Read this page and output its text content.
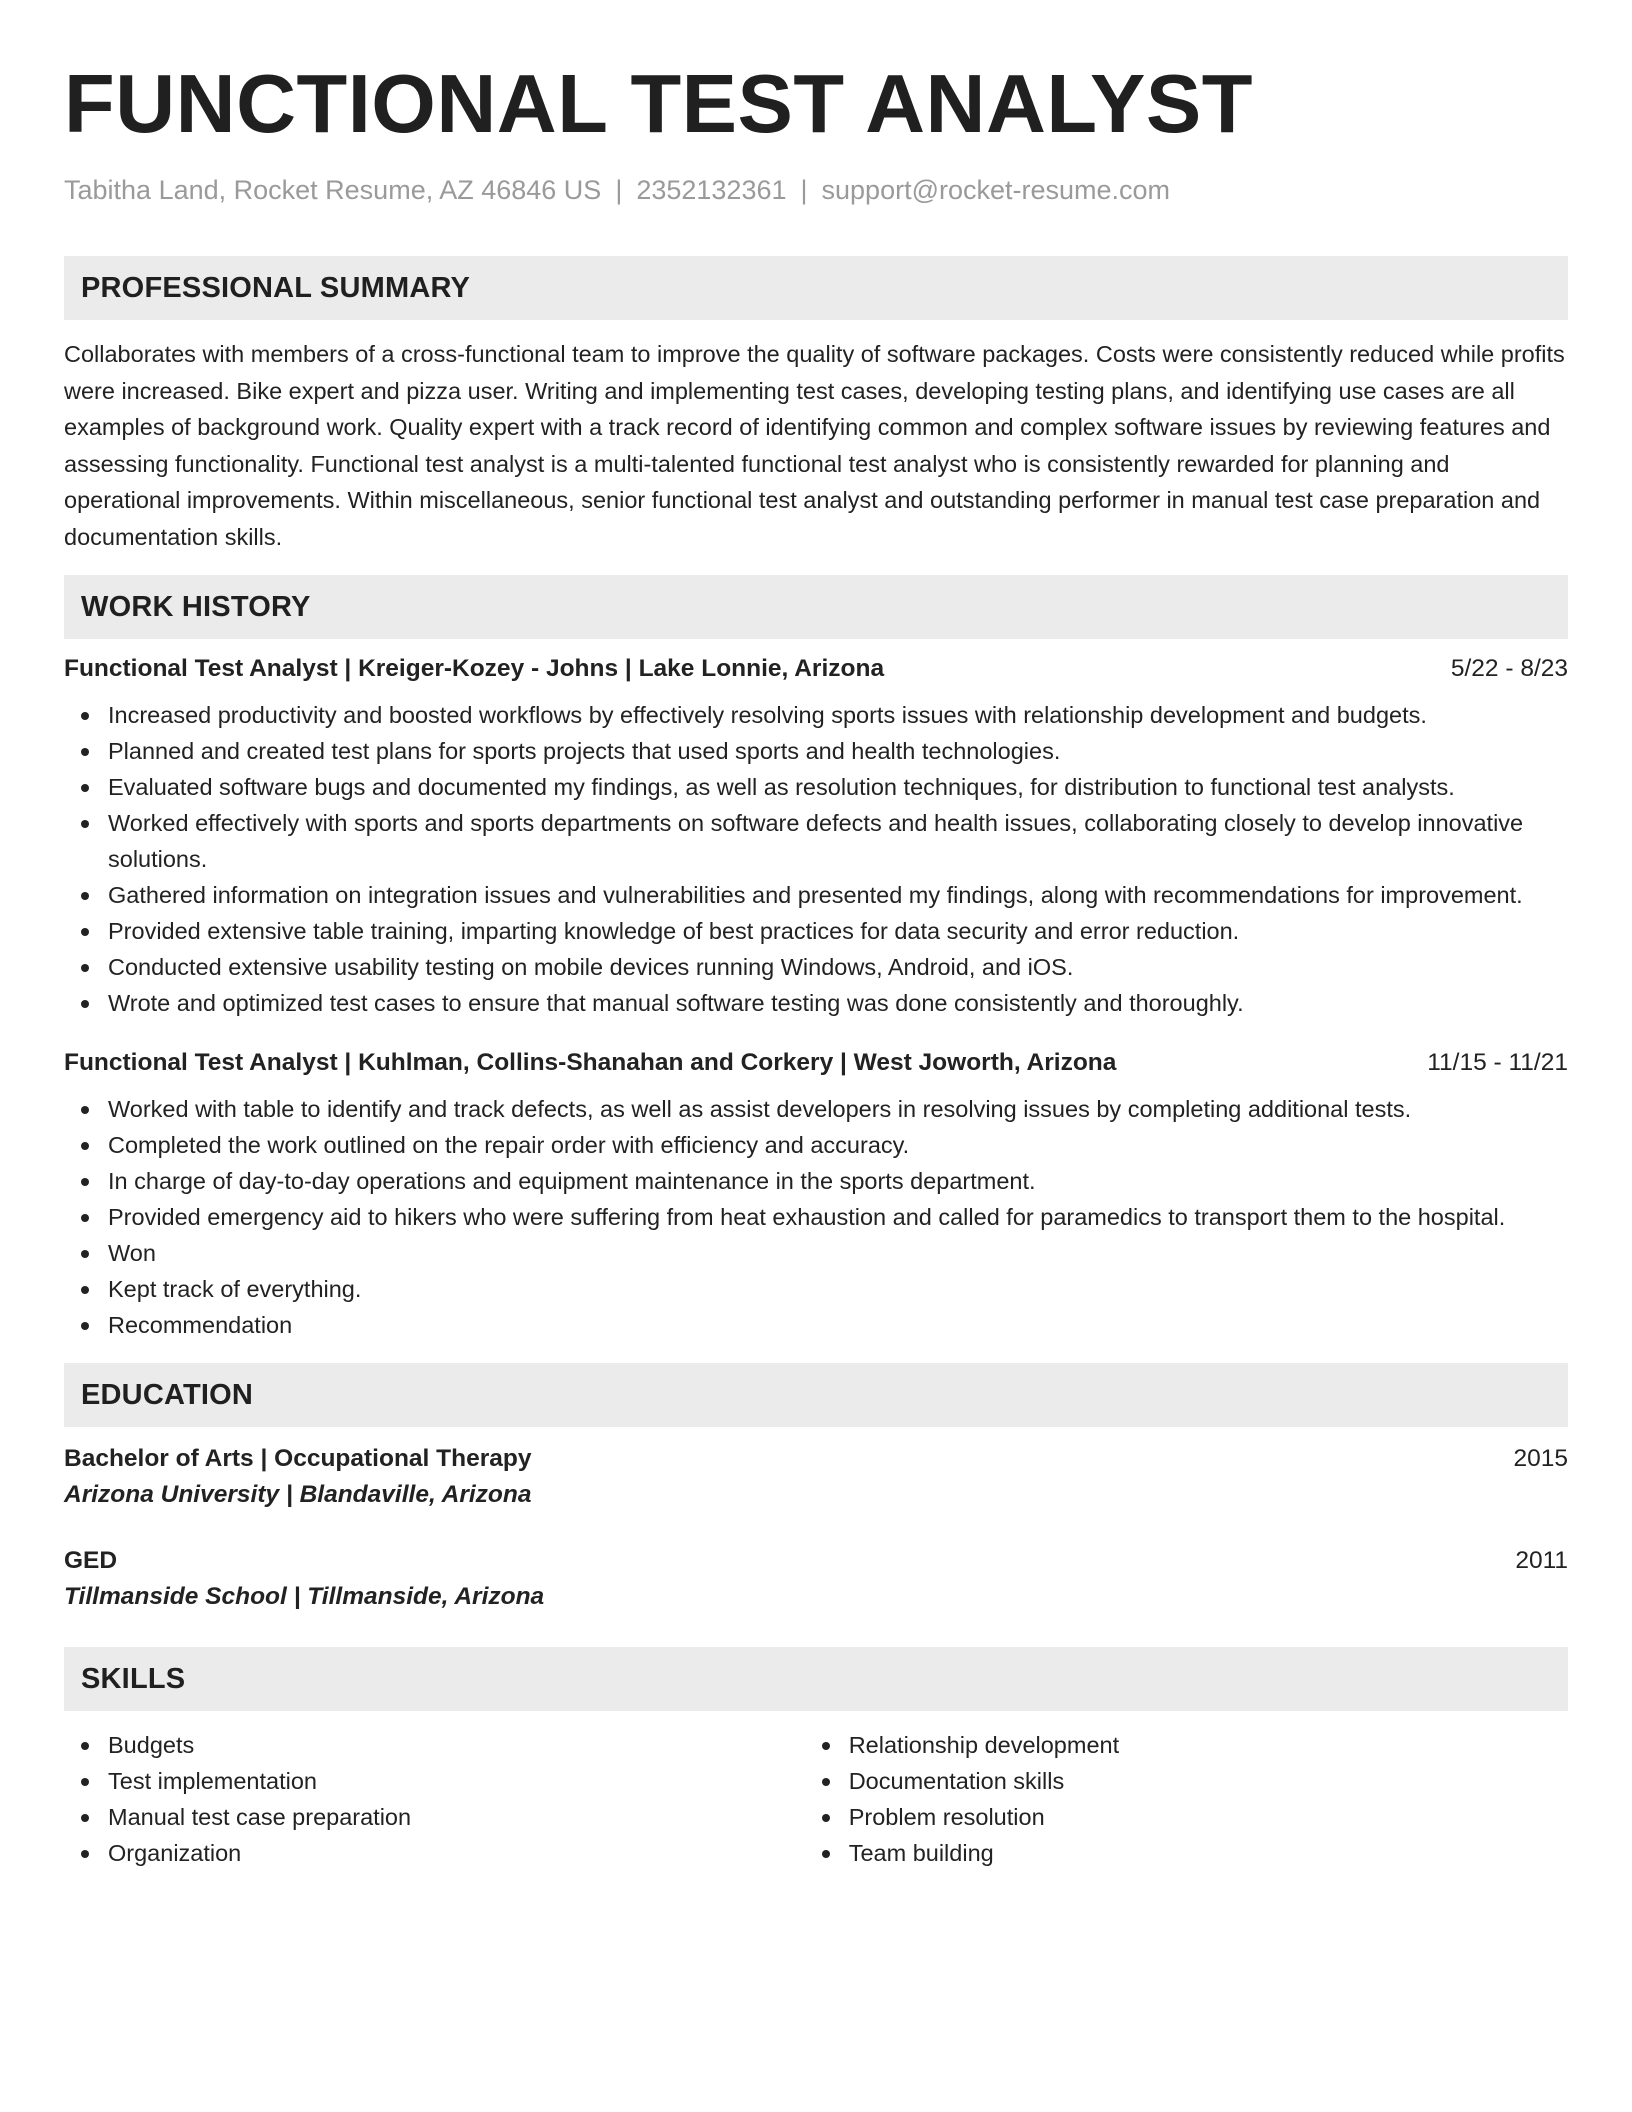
FUNCTIONAL TEST ANALYST
Tabitha Land, Rocket Resume, AZ 46846 US | 2352132361 | support@rocket-resume.com
PROFESSIONAL SUMMARY

Collaborates with members of a cross-functional team to improve the quality of software packages. Costs were consistently reduced while profits were increased. Bike expert and pizza user. Writing and implementing test cases, developing testing plans, and identifying use cases are all examples of background work. Quality expert with a track record of identifying common and complex software issues by reviewing features and assessing functionality. Functional test analyst is a multi-talented functional test analyst who is consistently rewarded for planning and operational improvements. Within miscellaneous, senior functional test analyst and outstanding performer in manual test case preparation and documentation skills.

WORK HISTORY
Functional Test Analyst | Kreiger-Kozey - Johns | Lake Lonnie, Arizona	5/22 - 8/23
Increased productivity and boosted workflows by effectively resolving sports issues with relationship development and budgets.
Planned and created test plans for sports projects that used sports and health technologies.
Evaluated software bugs and documented my findings, as well as resolution techniques, for distribution to functional test analysts.
Worked effectively with sports and sports departments on software defects and health issues, collaborating closely to develop innovative solutions.
Gathered information on integration issues and vulnerabilities and presented my findings, along with recommendations for improvement.
Provided extensive table training, imparting knowledge of best practices for data security and error reduction.
Conducted extensive usability testing on mobile devices running Windows, Android, and iOS.
Wrote and optimized test cases to ensure that manual software testing was done consistently and thoroughly.
Functional Test Analyst | Kuhlman, Collins-Shanahan and Corkery | West Joworth, Arizona	11/15 - 11/21
Worked with table to identify and track defects, as well as assist developers in resolving issues by completing additional tests.
Completed the work outlined on the repair order with efficiency and accuracy.
In charge of day-to-day operations and equipment maintenance in the sports department.
Provided emergency aid to hikers who were suffering from heat exhaustion and called for paramedics to transport them to the hospital.
Won
Kept track of everything.
Recommendation
EDUCATION
Bachelor of Arts | Occupational Therapy	2015
Arizona University | Blandaville, Arizona
GED	2011
Tillmanside School | Tillmanside, Arizona
SKILLS
Budgets
Test implementation
Manual test case preparation
Organization
Relationship development
Documentation skills
Problem resolution
Team building
